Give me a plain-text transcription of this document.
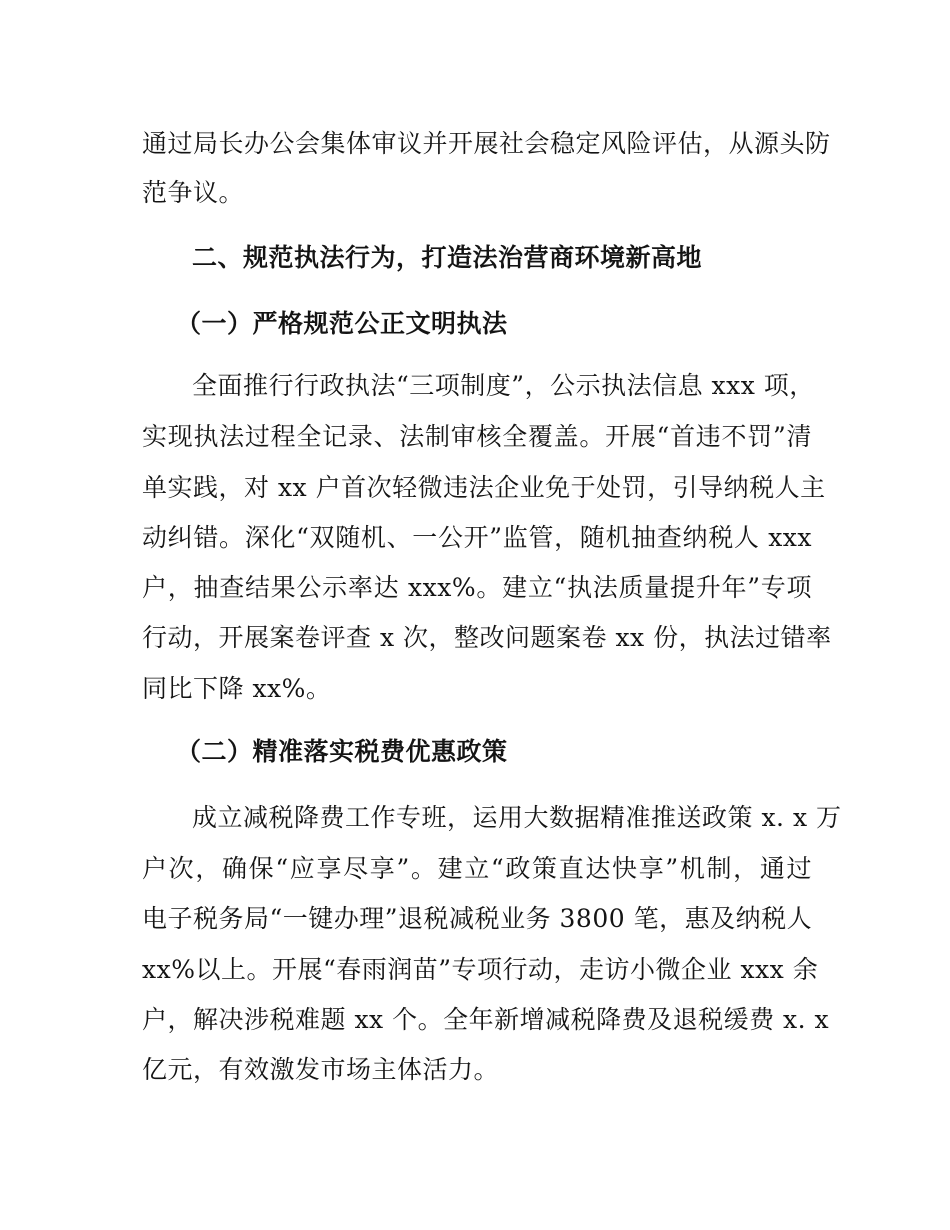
通过局长办公会集体审议并开展社会稳定风险评估，从源头防
范争议。
二、规范执法行为，打造法治营商环境新高地
（一）严格规范公正文明执法
全面推行行政执法“三项制度”，公示执法信息 xxx 项，
实现执法过程全记录、法制审核全覆盖。开展“首违不罚”清
单实践，对 xx 户首次轻微违法企业免于处罚，引导纳税人主
动纠错。深化“双随机、一公开”监管，随机抽查纳税人 xxx
户，抽查结果公示率达 xxx%。建立“执法质量提升年”专项
行动，开展案卷评查 x 次，整改问题案卷 xx 份，执法过错率
同比下降 xx%。
（二）精准落实税费优惠政策
成立减税降费工作专班，运用大数据精准推送政策 x. x 万
户次，确保“应享尽享”。建立“政策直达快享”机制，通过
电子税务局“一键办理”退税减税业务 3800 笔，惠及纳税人
xx%以上。开展“春雨润苗”专项行动，走访小微企业 xxx 余
户，解决涉税难题 xx 个。全年新增减税降费及退税缓费 x. x
亿元，有效激发市场主体活力。
